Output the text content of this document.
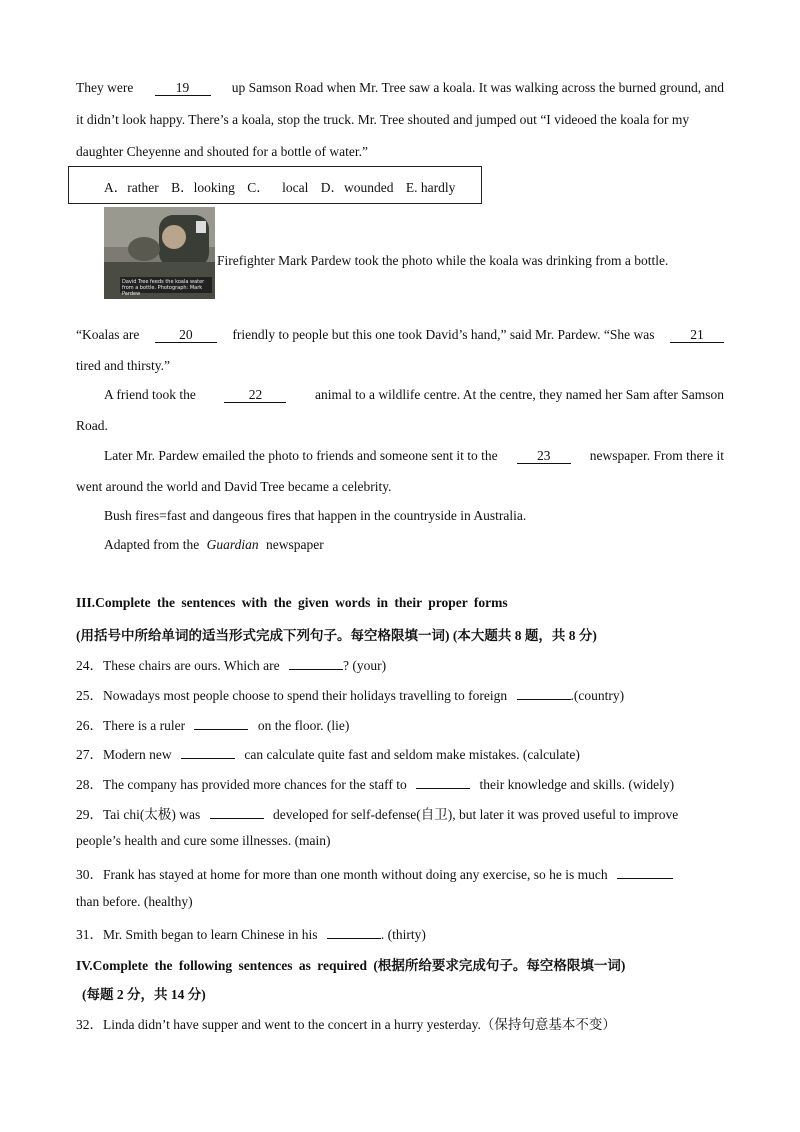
They were	19	up Samson Road when Mr. Tree saw a koala. It was walking across the burned ground, and
it didn’t look happy. There’s a koala, stop the truck. Mr. Tree shouted and jumped out “I videoed the koala for my
daughter Cheyenne and shouted for a bottle of water.”
A．rather B．looking C． local D．wounded E. hardly
David Tree feeds the koala water from a bottle. Photograph: Mark Pardew
Firefighter Mark Pardew took the photo while the koala was drinking from a bottle.
“Koalas are	20	friendly to people but this one took David’s hand,” said Mr. Pardew. “She was	21
tired and thirsty.”
A friend took the	22	animal to a wildlife centre. At the centre, they named her Sam after Samson
Road.
Later Mr. Pardew emailed the photo to friends and someone sent it to the	23	newspaper. From there it
went around the world and David Tree became a celebrity.
Bush fires=fast and dangeous fires that happen in the countryside in Australia.
Adapted from the Guardian newspaper
III.Complete the sentences with the given words in their proper forms
(用括号中所给单词的适当形式完成下列句子。每空格限填一词) (本大题共 8 题，共 8 分)
24．These chairs are ours. Which are	? (your)
25．Nowadays most people choose to spend their holidays travelling to foreign	.(country)
26．There is a ruler	on the floor. (lie)
27．Modern new	can calculate quite fast and seldom make mistakes. (calculate)
28．The company has provided more chances for the staff to	their knowledge and skills. (widely)
29．Tai chi(太极) was	developed for self-defense(自卫), but later it was proved useful to improve
people’s health and cure some illnesses. (main)
30．Frank has stayed at home for more than one month without doing any exercise, so he is much
than before. (healthy)
31．Mr. Smith began to learn Chinese in his	. (thirty)
IV.Complete the following sentences as required (根据所给要求完成句子。每空格限填一词)
(每题 2 分，共 14 分)
32．Linda didn’t have supper and went to the concert in a hurry yesterday.（保持句意基本不变）
